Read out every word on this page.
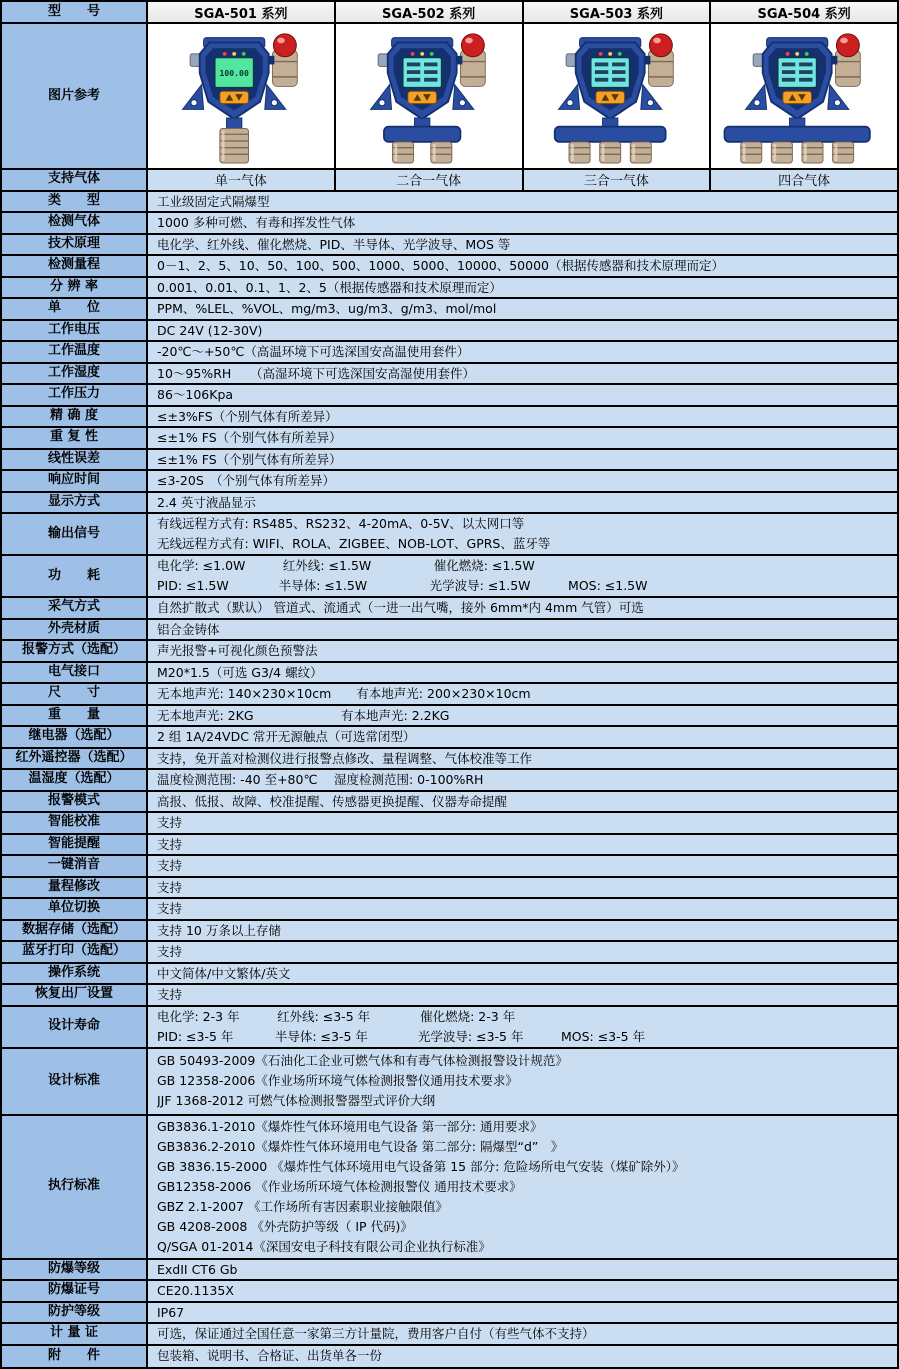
型　　号	SGA-501 系列	SGA-502 系列	SGA-503 系列	SGA-504 系列
图片参考
100.00
支持气体	单一气体	二合一气体	三合一气体	四合气体
类　　型	工业级固定式隔爆型
检测气体	1000 多种可燃、有毒和挥发性气体
技术原理	电化学、红外线、催化燃烧、PID、半导体、光学波导、MOS 等
检测量程	0－1、2、5、10、50、100、500、1000、5000、10000、50000（根据传感器和技术原理而定）
分 辨 率	0.001、0.01、0.1、1、2、5（根据传感器和技术原理而定）
单　　位	PPM、%LEL、%VOL、mg/m3、ug/m3、g/m3、mol/mol
工作电压	DC 24V (12-30V)
工作温度	-20℃～+50℃（高温环境下可选深国安高温使用套件）
工作湿度	10～95%RH　　（高湿环境下可选深国安高湿使用套件）
工作压力	86～106Kpa
精 确 度	≤±3%FS（个别气体有所差异）
重 复 性	≤±1% FS（个别气体有所差异）
线性误差	≤±1% FS（个别气体有所差异）
响应时间	≤3-20S　（个别气体有所差异）
显示方式	2.4 英寸液晶显示
输出信号
有线远程方式有: RS485、RS232、4-20mA、0-5V、以太网口等
无线远程方式有: WIFI、ROLA、ZIGBEE、NOB-LOT、GPRS、蓝牙等
功　　耗
电化学: ≤1.0W　　　红外线: ≤1.5W　　　　　催化燃烧: ≤1.5W
PID: ≤1.5W　　　　半导体: ≤1.5W　　　　　光学波导: ≤1.5W　　　MOS: ≤1.5W
采气方式	自然扩散式（默认） 管道式、流通式（一进一出气嘴，接外 6mm*内 4mm 气管）可选
外壳材质	铝合金铸体
报警方式（选配）	声光报警+可视化颜色预警法
电气接口	M20*1.5（可选 G3/4 螺纹）
尺　　寸	无本地声光: 140×230×10cm　　有本地声光: 200×230×10cm
重　　量	无本地声光: 2KG　　　　　　　有本地声光: 2.2KG
继电器（选配）	2 组 1A/24VDC 常开无源触点（可选常闭型）
红外遥控器（选配）	支持，免开盖对检测仪进行报警点修改、量程调整、气体校准等工作
温湿度（选配）	温度检测范围: -40 至+80℃　 湿度检测范围: 0-100%RH
报警模式	高报、低报、故障、校准提醒、传感器更换提醒、仪器寿命提醒
智能校准	支持
智能提醒	支持
一键消音	支持
量程修改	支持
单位切换	支持
数据存储（选配）	支持 10 万条以上存储
蓝牙打印（选配）	支持
操作系统	中文简体/中文繁体/英文
恢复出厂设置	支持
设计寿命
电化学: 2-3 年　　　红外线: ≤3-5 年　　　　催化燃烧: 2-3 年
PID: ≤3-5 年　　　 半导体: ≤3-5 年　　　　光学波导: ≤3-5 年　　　MOS: ≤3-5 年
设计标准
GB 50493-2009《石油化工企业可燃气体和有毒气体检测报警设计规范》
GB 12358-2006《作业场所环境气体检测报警仪通用技术要求》
JJF 1368-2012 可燃气体检测报警器型式评价大纲
执行标准
GB3836.1-2010《爆炸性气体环境用电气设备 第一部分: 通用要求》
GB3836.2-2010《爆炸性气体环境用电气设备 第二部分: 隔爆型“d”　》
GB 3836.15-2000 《爆炸性气体环境用电气设备第 15 部分: 危险场所电气安装（煤矿除外）》
GB12358-2006 《作业场所环境气体检测报警仪 通用技术要求》
GBZ 2.1-2007 《工作场所有害因素职业接触限值》
GB 4208-2008 《外壳防护等级（ IP 代码)》
Q/SGA 01-2014《深国安电子科技有限公司企业执行标准》
防爆等级	ExdII CT6 Gb
防爆证号	CE20.1135X
防护等级	IP67
计 量 证	可选，保证通过全国任意一家第三方计量院，费用客户自付（有些气体不支持）
附　　件	包装箱、说明书、合格证、出货单各一份
